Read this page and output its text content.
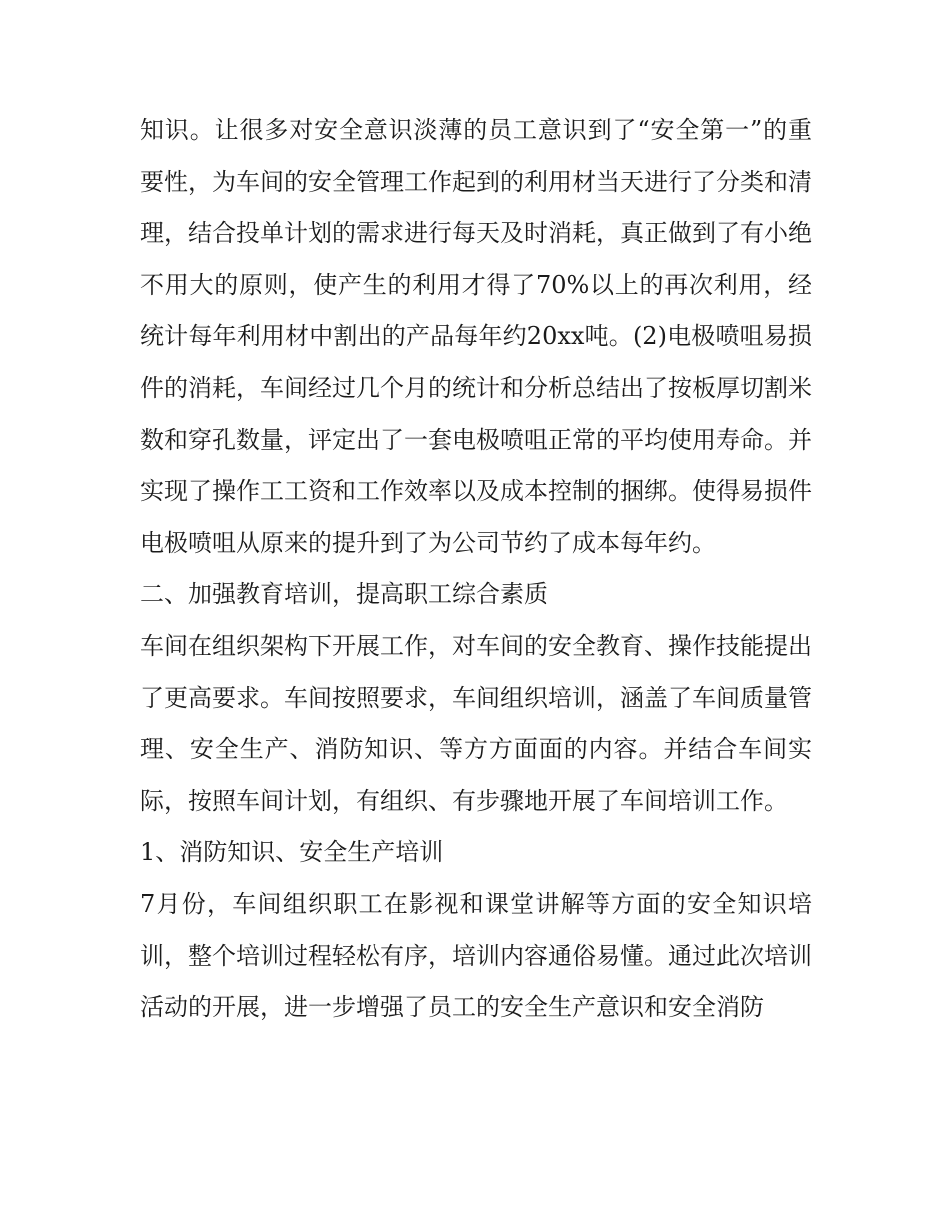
知识。让很多对安全意识淡薄的员工意识到了“安全第一”的重要性，为车间的安全管理工作起到的利用材当天进行了分类和清理，结合投单计划的需求进行每天及时消耗，真正做到了有小绝不用大的原则，使产生的利用才得了70%以上的再次利用，经统计每年利用材中割出的产品每年约20xx吨。(2)电极喷咀易损件的消耗，车间经过几个月的统计和分析总结出了按板厚切割米数和穿孔数量，评定出了一套电极喷咀正常的平均使用寿命。并实现了操作工工资和工作效率以及成本控制的捆绑。使得易损件电极喷咀从原来的提升到了为公司节约了成本每年约。

二、加强教育培训，提高职工综合素质

车间在组织架构下开展工作，对车间的安全教育、操作技能提出了更高要求。车间按照要求，车间组织培训，涵盖了车间质量管理、安全生产、消防知识、等方方面面的内容。并结合车间实际，按照车间计划，有组织、有步骤地开展了车间培训工作。

1、消防知识、安全生产培训

7月份，车间组织职工在影视和课堂讲解等方面的安全知识培训，整个培训过程轻松有序，培训内容通俗易懂。通过此次培训活动的开展，进一步增强了员工的安全生产意识和安全消防
